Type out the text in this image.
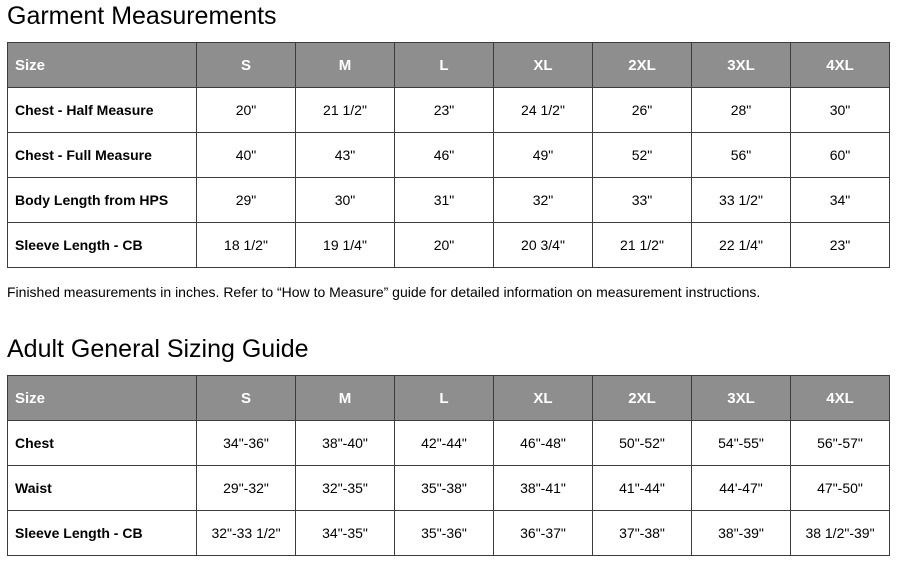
Garment Measurements
Size	S	M	L	XL	2XL	3XL	4XL
Chest - Half Measure	20"	21 1/2"	23"	24 1/2"	26"	28"	30"
Chest - Full Measure	40"	43"	46"	49"	52"	56"	60"
Body Length from HPS	29"	30"	31"	32"	33"	33 1/2"	34"
Sleeve Length - CB	18 1/2"	19 1/4"	20"	20 3/4"	21 1/2"	22 1/4"	23"

Finished measurements in inches. Refer to “How to Measure” guide for detailed information on measurement instructions.

Adult General Sizing Guide
Size	S	M	L	XL	2XL	3XL	4XL
Chest	34"-36"	38"-40"	42"-44"	46"-48"	50"-52"	54"-55"	56"-57"
Waist	29"-32"	32"-35"	35"-38"	38"-41"	41"-44"	44'-47"	47"-50"
Sleeve Length - CB	32"-33 1/2"	34"-35"	35"-36"	36"-37"	37"-38"	38"-39"	38 1/2"-39"
